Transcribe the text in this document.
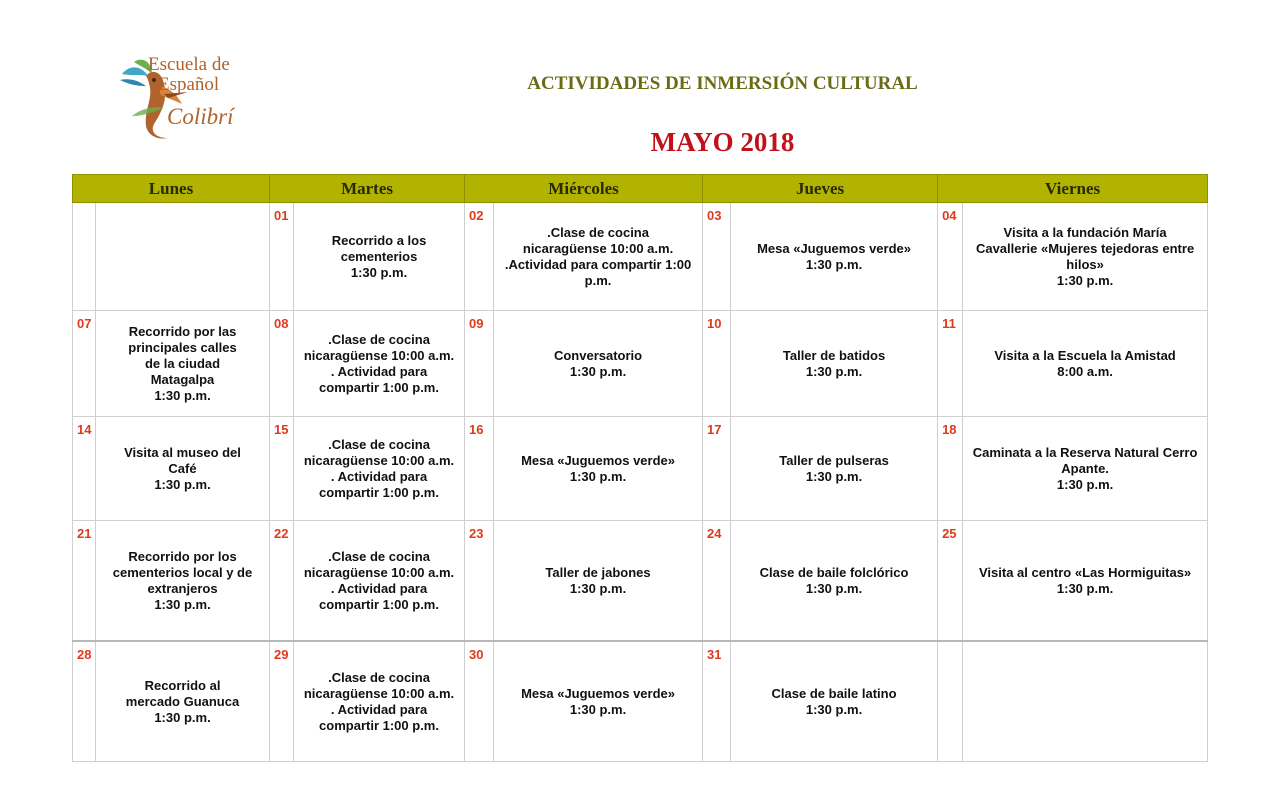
Escuela de
Español
Colibrí
ACTIVIDADES DE INMERSIÓN CULTURAL
MAYO 2018
Lunes		Martes		Miércoles		Jueves		Viernes	
		01	Recorrido a los
cementerios
1:30 p.m.	02	.Clase de cocina
nicaragüense 10:00 a.m.
.Actividad para compartir 1:00
p.m.	03	Mesa «Juguemos verde»
1:30 p.m.	04	Visita a la fundación María
Cavallerie «Mujeres tejedoras entre
hilos»
1:30 p.m.

07	Recorrido por las
principales calles
de la ciudad
Matagalpa
1:30 p.m.	08	.Clase de cocina
nicaragüense 10:00 a.m.
. Actividad para
compartir 1:00 p.m.	09	Conversatorio
1:30 p.m.	10	Taller de batidos
1:30 p.m.	11	Visita a la Escuela la Amistad
8:00 a.m.

14	Visita al museo del
Café
1:30 p.m.	15	.Clase de cocina
nicaragüense 10:00 a.m.
. Actividad para
compartir 1:00 p.m.	16	Mesa «Juguemos verde»
1:30 p.m.	17	Taller de pulseras
1:30 p.m.	18	Caminata a la Reserva Natural Cerro
Apante.
1:30 p.m.

21	Recorrido por los
cementerios local y de
extranjeros
1:30 p.m.	22	.Clase de cocina
nicaragüense 10:00 a.m.
. Actividad para
compartir 1:00 p.m.	23	Taller de jabones
1:30 p.m.	24	Clase de baile folclórico
1:30 p.m.	25	Visita al centro «Las Hormiguitas»
1:30 p.m.

28	Recorrido al
mercado Guanuca
1:30 p.m.	29	.Clase de cocina
nicaragüense 10:00 a.m.
. Actividad para
compartir 1:00 p.m.	30	Mesa «Juguemos verde»
1:30 p.m.	31	Clase de baile latino
1:30 p.m.		
